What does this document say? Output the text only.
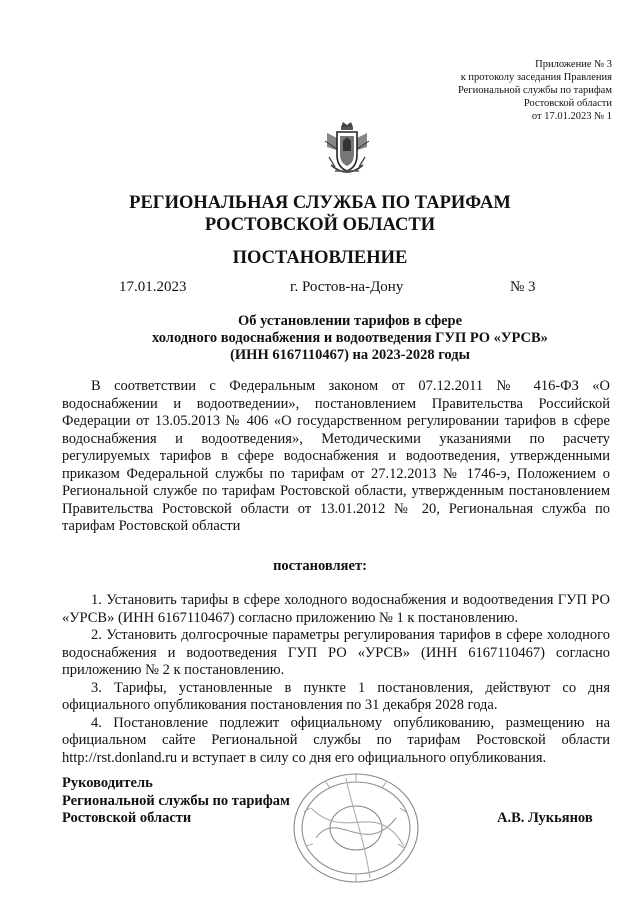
Приложение № 3
к протоколу заседания Правления
Региональной службы по тарифам
Ростовской области
от 17.01.2023 № 1
РЕГИОНАЛЬНАЯ СЛУЖБА ПО ТАРИФАМ
РОСТОВСКОЙ ОБЛАСТИ
ПОСТАНОВЛЕНИЕ
17.01.2023	г. Ростов-на-Дону	№ 3
Об установлении тарифов в сфере
холодного водоснабжения и водоотведения ГУП РО «УРСВ»
(ИНН 6167110467) на 2023-2028 годы

В соответствии с Федеральным законом от 07.12.2011 № 416-ФЗ «О водоснабжении и водоотведении», постановлением Правительства Российской Федерации от 13.05.2013 № 406 «О государственном регулировании тарифов в сфере водоснабжения и водоотведения», Методическими указаниями по расчету регулируемых тарифов в сфере водоснабжения и водоотведения, утвержденными приказом Федеральной службы по тарифам от 27.12.2013 № 1746-э, Положением о Региональной службе по тарифам Ростовской области, утвержденным постановлением Правительства Ростовской области от 13.01.2012 № 20, Региональная служба по тарифам Ростовской области

постановляет:

1. Установить тарифы в сфере холодного водоснабжения и водоотведения ГУП РО «УРСВ» (ИНН 6167110467) согласно приложению № 1 к постановлению.

2. Установить долгосрочные параметры регулирования тарифов в сфере холодного водоснабжения и водоотведения ГУП РО «УРСВ» (ИНН 6167110467) согласно приложению № 2 к постановлению.

3. Тарифы, установленные в пункте 1 постановления, действуют со дня официального опубликования постановления по 31 декабря 2028 года.

4. Постановление подлежит официальному опубликованию, размещению на официальном сайте Региональной службы по тарифам Ростовской области http://rst.donland.ru и вступает в силу со дня его официального опубликования.

Руководитель
Региональной службы по тарифам
Ростовской области	А.В. Лукьянов
